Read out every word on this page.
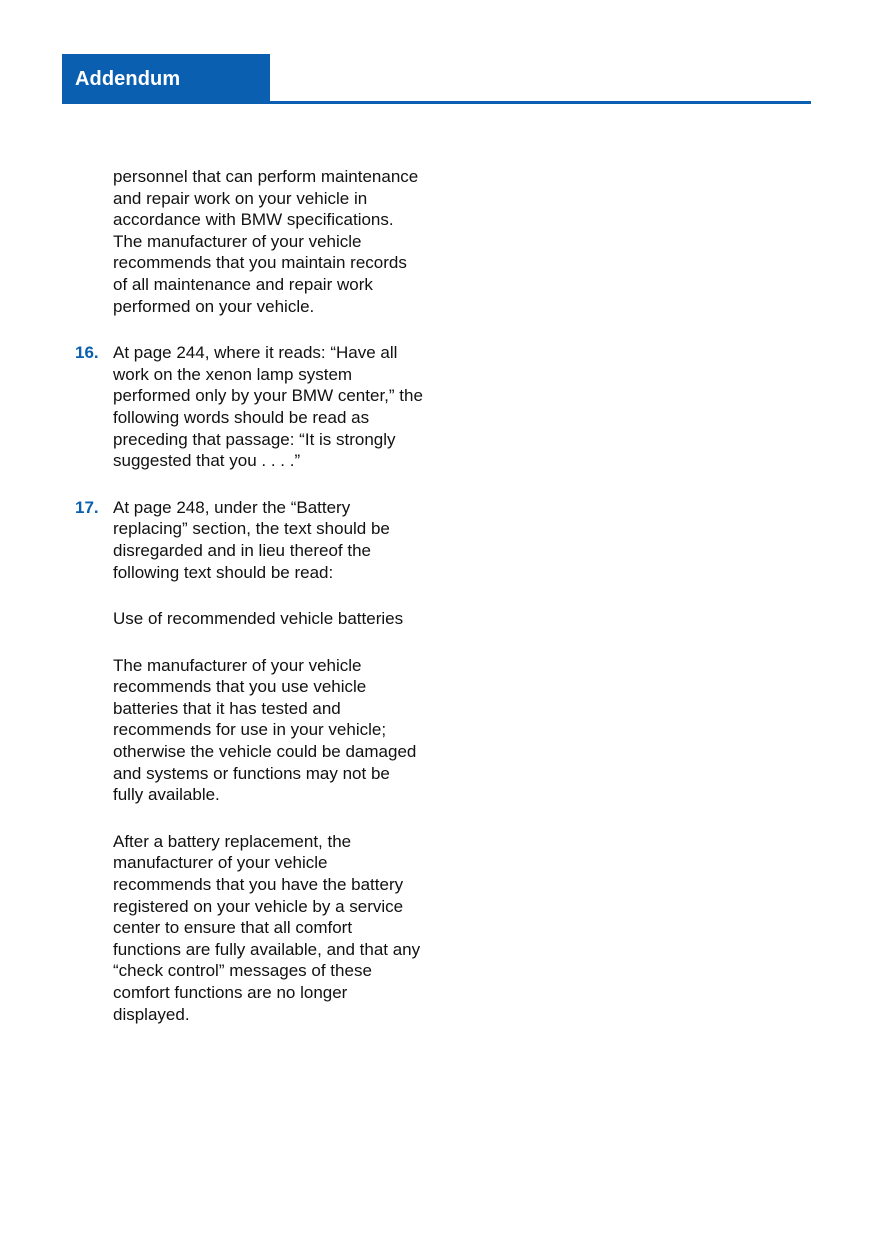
Addendum

personnel that can perform maintenance and repair work on your vehicle in accordance with BMW specifications. The manufacturer of your vehicle recommends that you maintain records of all maintenance and repair work performed on your vehicle.

16. At page 244, where it reads: “Have all work on the xenon lamp system performed only by your BMW center,” the following words should be read as preceding that passage: “It is strongly suggested that you . . . .”

17. At page 248, under the “Battery replacing” section, the text should be disregarded and in lieu thereof the following text should be read:

Use of recommended vehicle batteries

The manufacturer of your vehicle recommends that you use vehicle batteries that it has tested and recommends for use in your vehicle; otherwise the vehicle could be damaged and systems or functions may not be fully available.

After a battery replacement, the manufacturer of your vehicle recommends that you have the battery registered on your vehicle by a service center to ensure that all comfort functions are fully available, and that any “check control” messages of these comfort functions are no longer displayed.
